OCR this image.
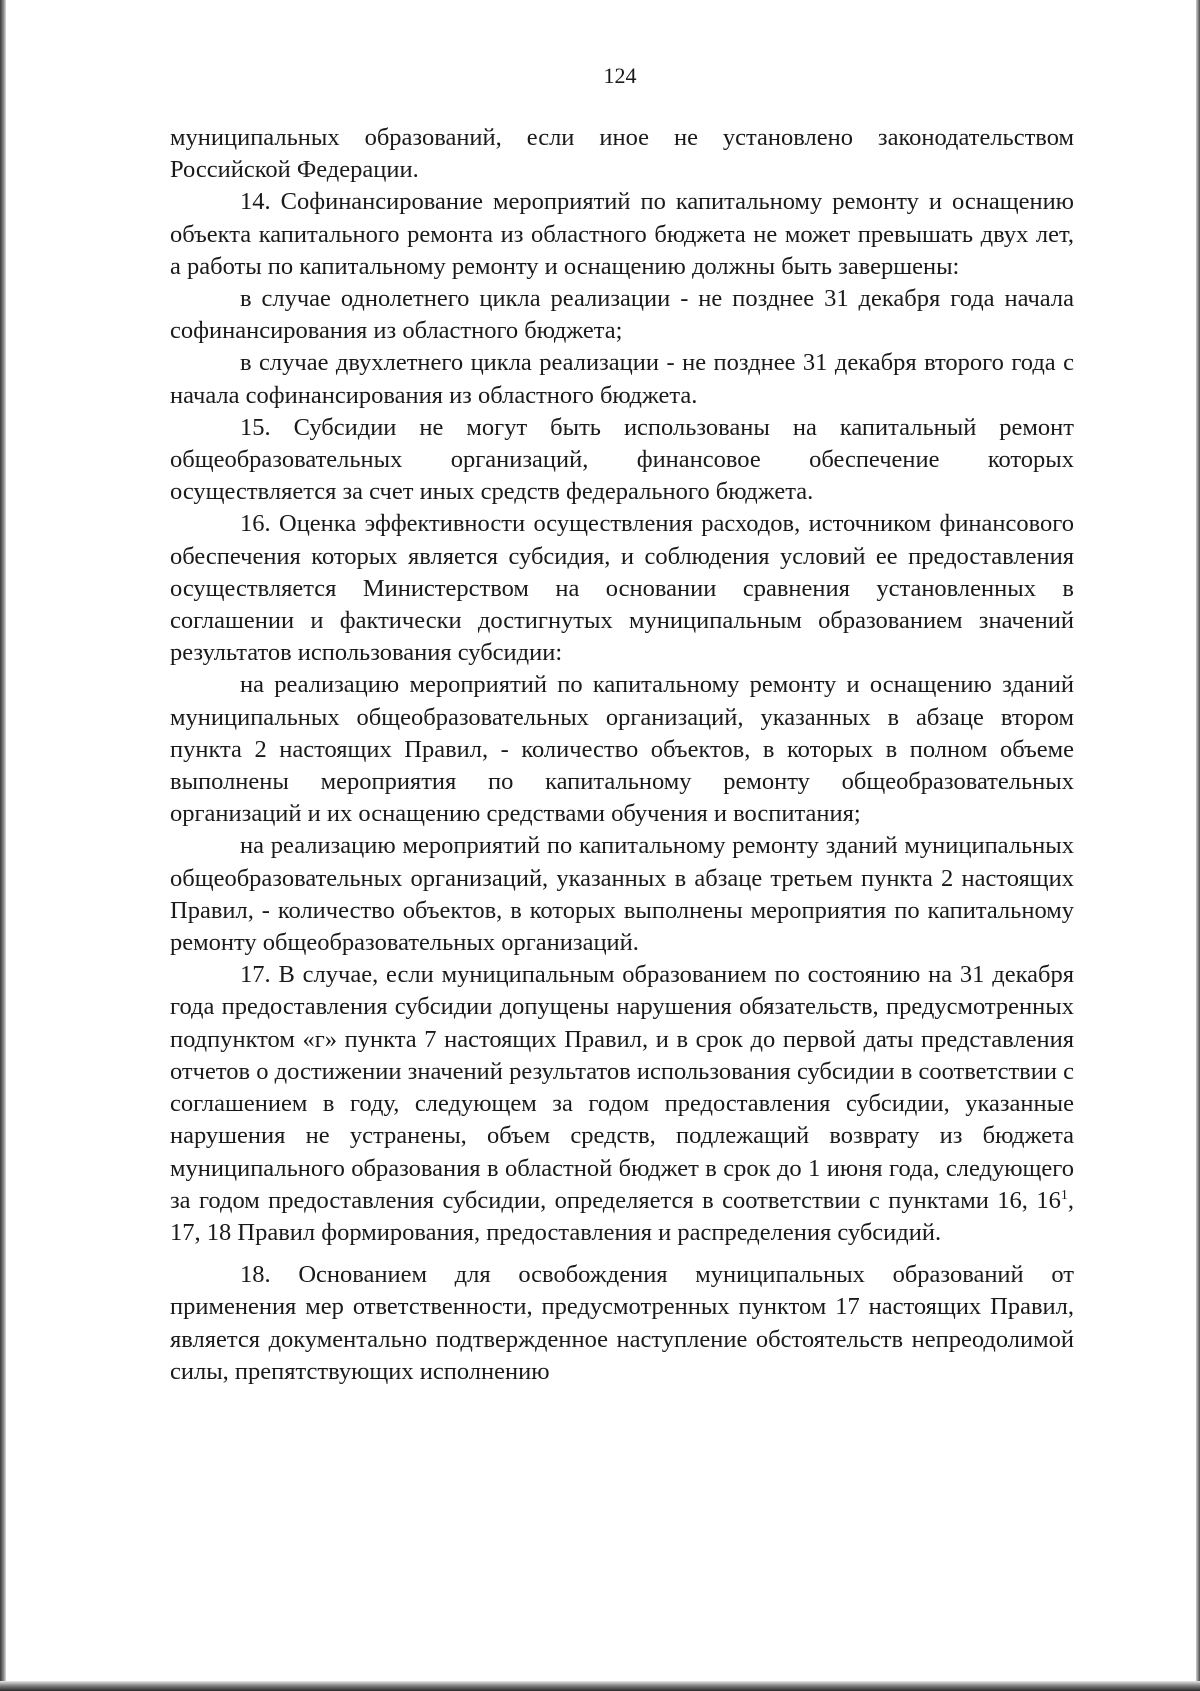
124

муниципальных образований, если иное не установлено законодательством Российской Федерации.

14. Софинансирование мероприятий по капитальному ремонту и оснащению объекта капитального ремонта из областного бюджета не может превышать двух лет, а работы по капитальному ремонту и оснащению должны быть завершены:

в случае однолетнего цикла реализации - не позднее 31 декабря года начала софинансирования из областного бюджета;

в случае двухлетнего цикла реализации - не позднее 31 декабря второго года с начала софинансирования из областного бюджета.

15. Субсидии не могут быть использованы на капитальный ремонт общеобразовательных организаций, финансовое обеспечение которых осуществляется за счет иных средств федерального бюджета.

16. Оценка эффективности осуществления расходов, источником финансового обеспечения которых является субсидия, и соблюдения условий ее предоставления осуществляется Министерством на основании сравнения установленных в соглашении и фактически достигнутых муниципальным образованием значений результатов использования субсидии:

на реализацию мероприятий по капитальному ремонту и оснащению зданий муниципальных общеобразовательных организаций, указанных в абзаце втором пункта 2 настоящих Правил, - количество объектов, в которых в полном объеме выполнены мероприятия по капитальному ремонту общеобразовательных организаций и их оснащению средствами обучения и воспитания;

на реализацию мероприятий по капитальному ремонту зданий муниципальных общеобразовательных организаций, указанных в абзаце третьем пункта 2 настоящих Правил, - количество объектов, в которых выполнены мероприятия по капитальному ремонту общеобразовательных организаций.

17. В случае, если муниципальным образованием по состоянию на 31 декабря года предоставления субсидии допущены нарушения обязательств, предусмотренных подпунктом «г» пункта 7 настоящих Правил, и в срок до первой даты представления отчетов о достижении значений результатов использования субсидии в соответствии с соглашением в году, следующем за годом предоставления субсидии, указанные нарушения не устранены, объем средств, подлежащий возврату из бюджета муниципального образования в областной бюджет в срок до 1 июня года, следующего за годом предоставления субсидии, определяется в соответствии с пунктами 16, $16^1$, 17, 18 Правил формирования, предоставления и распределения субсидий.

18. Основанием для освобождения муниципальных образований от применения мер ответственности, предусмотренных пунктом 17 настоящих Правил, является документально подтвержденное наступление обстоятельств непреодолимой силы, препятствующих исполнению
